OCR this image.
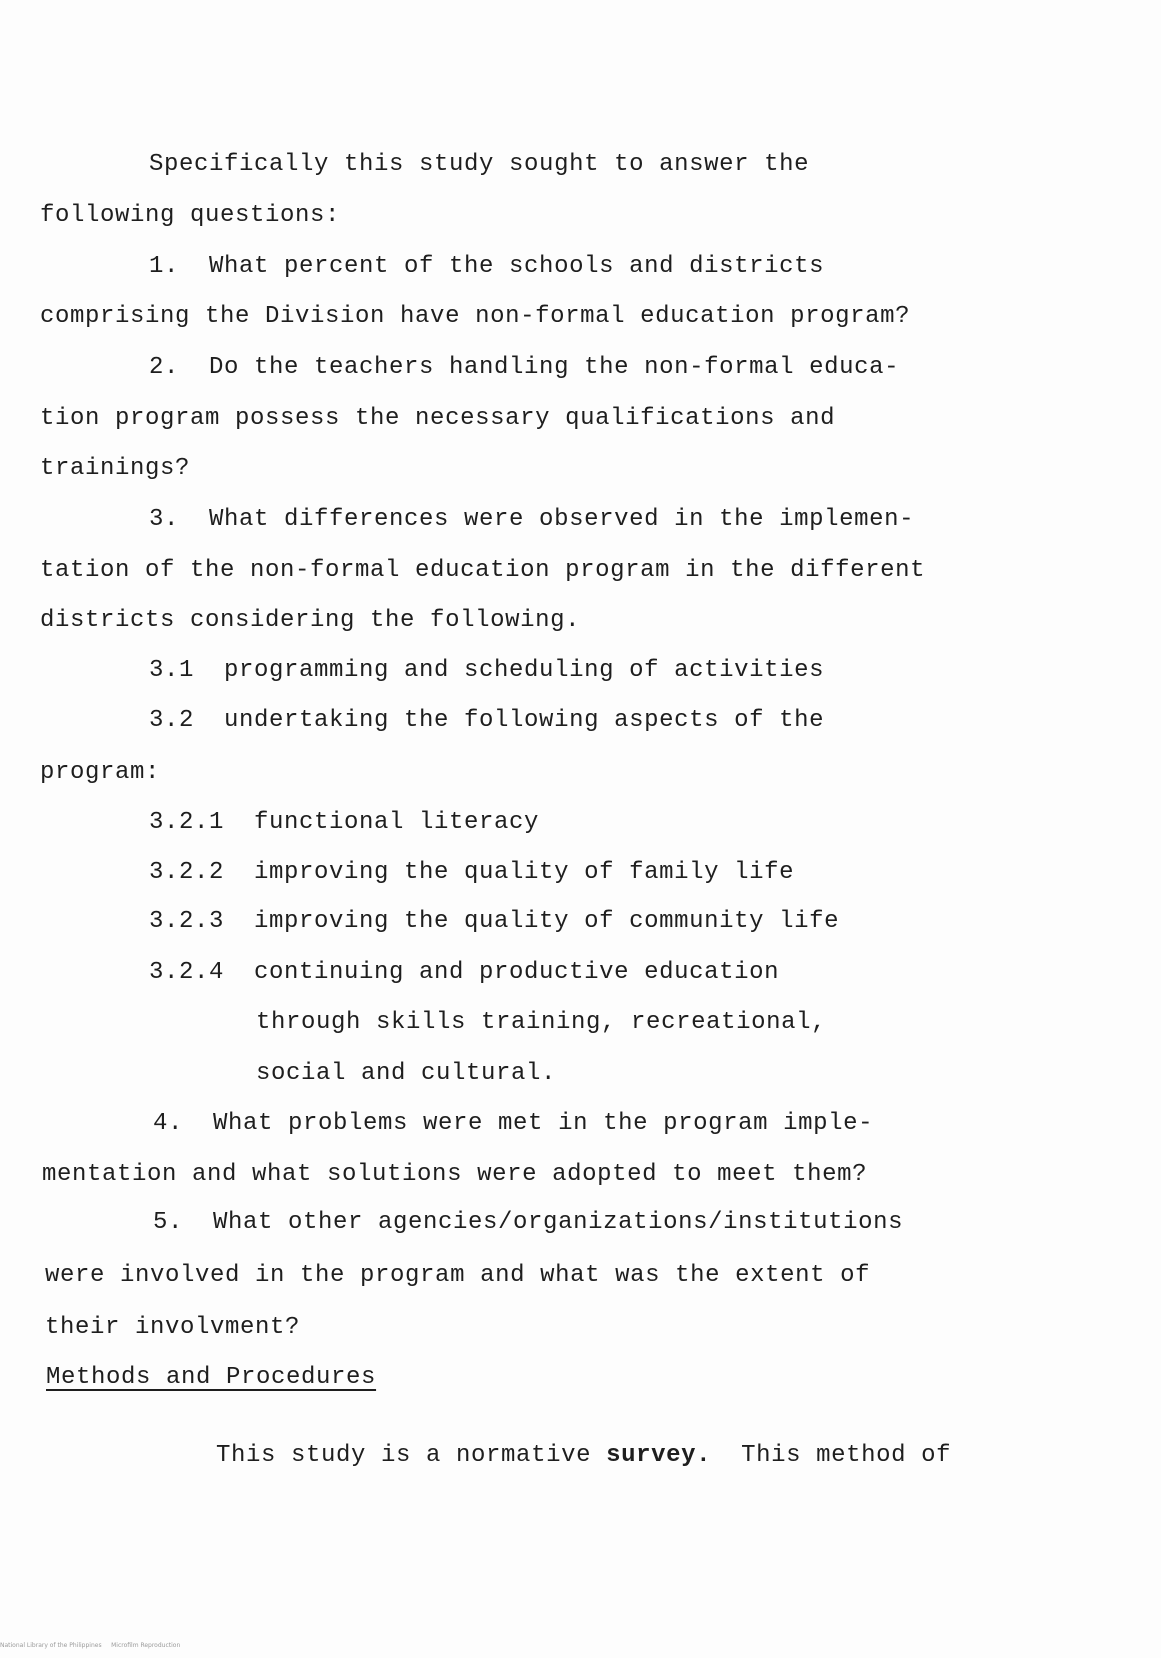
Specifically this study sought to answer the
following questions:
1.  What percent of the schools and districts
comprising the Division have non-formal education program?
2.  Do the teachers handling the non-formal educa-
tion program possess the necessary qualifications and
trainings?
3.  What differences were observed in the implemen-
tation of the non-formal education program in the different
districts considering the following.
3.1  programming and scheduling of activities
3.2  undertaking the following aspects of the
program:
3.2.1  functional literacy
3.2.2  improving the quality of family life
3.2.3  improving the quality of community life
3.2.4  continuing and productive education
through skills training, recreational,
social and cultural.
4.  What problems were met in the program imple-
mentation and what solutions were adopted to meet them?
5.  What other agencies/organizations/institutions
were involved in the program and what was the extent of
their involvment?
Methods and Procedures

This study is a normative survey.  This method of

National Library of the Philippines     Microfilm Reproduction
